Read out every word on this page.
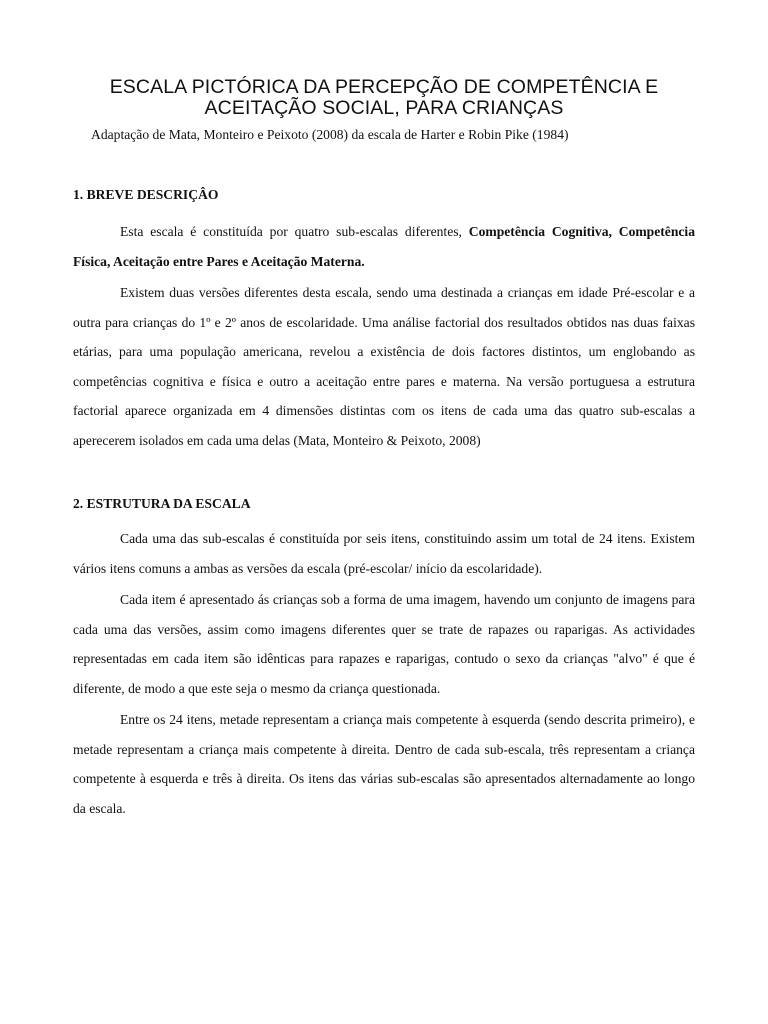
ESCALA PICTÓRICA DA PERCEPÇÃO DE COMPETÊNCIA E
ACEITAÇÃO SOCIAL, PARA CRIANÇAS
Adaptação de Mata, Monteiro e Peixoto (2008) da escala de Harter e Robin Pike (1984)
1. BREVE DESCRIÇÂO

Esta escala é constituída por quatro sub-escalas diferentes, Competência Cognitiva, Competência Física, Aceitação entre Pares e Aceitação Materna.

Existem duas versões diferentes desta escala, sendo uma destinada a crianças em idade Pré-escolar e a outra para crianças do 1º e 2º anos de escolaridade. Uma análise factorial dos resultados obtidos nas duas faixas etárias, para uma população americana, revelou a existência de dois factores distintos, um englobando as competências cognitiva e física e outro a aceitação entre pares e materna. Na versão portuguesa a estrutura factorial aparece organizada em 4 dimensões distintas com os itens de cada uma das quatro sub-escalas a aperecerem isolados em cada uma delas (Mata, Monteiro & Peixoto, 2008)

2. ESTRUTURA DA ESCALA

Cada uma das sub-escalas é constituída por seis itens, constituindo assim um total de 24 itens. Existem vários itens comuns a ambas as versões da escala (pré-escolar/ início da escolaridade).

Cada item é apresentado ás crianças sob a forma de uma imagem, havendo um conjunto de imagens para cada uma das versões, assim como imagens diferentes quer se trate de rapazes ou raparigas. As actividades representadas em cada item são idênticas para rapazes e raparigas, contudo o sexo da crianças "alvo" é que é diferente, de modo a que este seja o mesmo da criança questionada.

Entre os 24 itens, metade representam a criança mais competente à esquerda (sendo descrita primeiro), e metade representam a criança mais competente à direita. Dentro de cada sub-escala, três representam a criança competente à esquerda e três à direita. Os itens das várias sub-escalas são apresentados alternadamente ao longo da escala.
